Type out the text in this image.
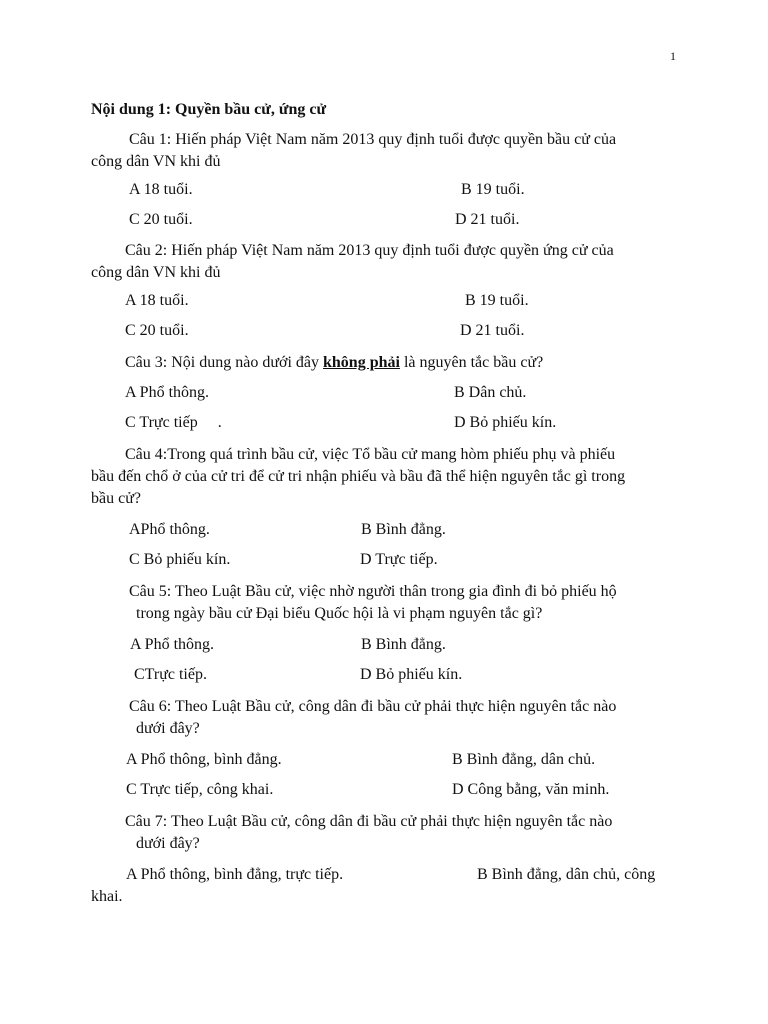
1
Nội dung 1: Quyền bầu cử, ứng cử
Câu 1: Hiến pháp Việt Nam năm 2013 quy định tuổi được quyền bầu cử của
công dân VN khi đủ
A 18 tuổi.	B 19 tuổi.
C 20 tuổi.	D 21 tuổi.
Câu 2: Hiến pháp Việt Nam năm 2013 quy định tuổi được quyền ứng cử của
công dân VN khi đủ
A 18 tuổi.	B 19 tuổi.
C 20 tuổi.	D 21 tuổi.
Câu 3: Nội dung nào dưới đây không phải là nguyên tắc bầu cử?
A Phổ thông.	B Dân chủ.
C Trực tiếp     .	D Bỏ phiếu kín.
Câu 4:Trong quá trình bầu cử, việc Tổ bầu cử mang hòm phiếu phụ và phiếu
bầu đến chổ ở của cử tri để cử tri nhận phiếu và bầu đã thể hiện nguyên tắc gì trong
bầu cử?
APhổ thông.	B Bình đẳng.
C Bỏ phiếu kín.	D Trực tiếp.
Câu 5: Theo Luật Bầu cử, việc nhờ người thân trong gia đình đi bỏ phiếu hộ
trong ngày bầu cử Đại biểu Quốc hội là vi phạm nguyên tắc gì?
A Phổ thông.	B Bình đẳng.
CTrực tiếp.	D Bỏ phiếu kín.
Câu 6: Theo Luật Bầu cử, công dân đi bầu cử phải thực hiện nguyên tắc nào
dưới đây?
A Phổ thông, bình đẳng.	B Bình đẳng, dân chủ.
C Trực tiếp, công khai.	D Công bằng, văn minh.
Câu 7: Theo Luật Bầu cử, công dân đi bầu cử phải thực hiện nguyên tắc nào
dưới đây?
A Phổ thông, bình đẳng, trực tiếp.	B Bình đẳng, dân chủ, công
khai.
